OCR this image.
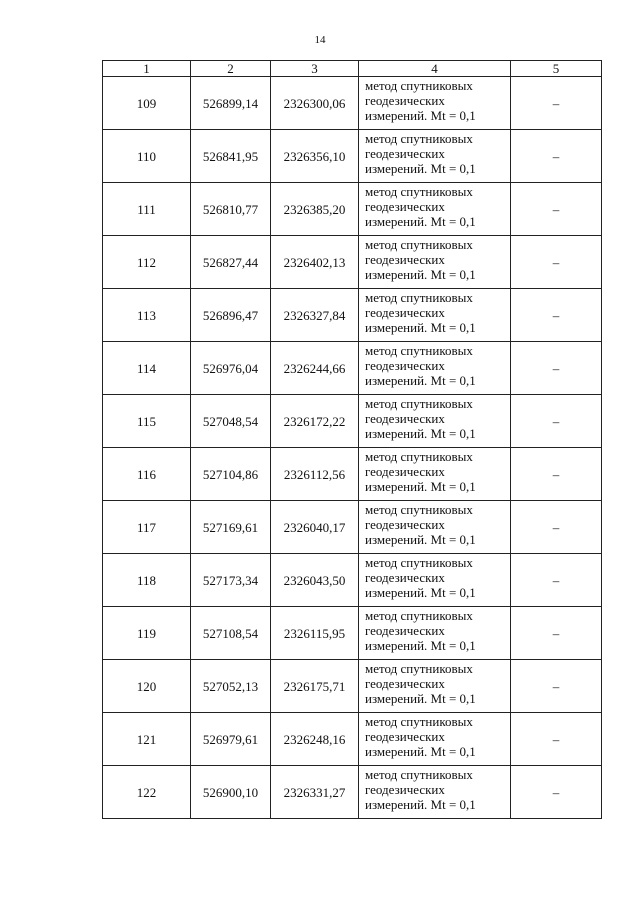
14
1	2	3	4	5
109	526899,14	2326300,06	метод спутниковых
геодезических
измерений. Mt = 0,1	–
110	526841,95	2326356,10	метод спутниковых
геодезических
измерений. Mt = 0,1	–
111	526810,77	2326385,20	метод спутниковых
геодезических
измерений. Mt = 0,1	–
112	526827,44	2326402,13	метод спутниковых
геодезических
измерений. Mt = 0,1	–
113	526896,47	2326327,84	метод спутниковых
геодезических
измерений. Mt = 0,1	–
114	526976,04	2326244,66	метод спутниковых
геодезических
измерений. Mt = 0,1	–
115	527048,54	2326172,22	метод спутниковых
геодезических
измерений. Mt = 0,1	–
116	527104,86	2326112,56	метод спутниковых
геодезических
измерений. Mt = 0,1	–
117	527169,61	2326040,17	метод спутниковых
геодезических
измерений. Mt = 0,1	–
118	527173,34	2326043,50	метод спутниковых
геодезических
измерений. Mt = 0,1	–
119	527108,54	2326115,95	метод спутниковых
геодезических
измерений. Mt = 0,1	–
120	527052,13	2326175,71	метод спутниковых
геодезических
измерений. Mt = 0,1	–
121	526979,61	2326248,16	метод спутниковых
геодезических
измерений. Mt = 0,1	–
122	526900,10	2326331,27	метод спутниковых
геодезических
измерений. Mt = 0,1	–
